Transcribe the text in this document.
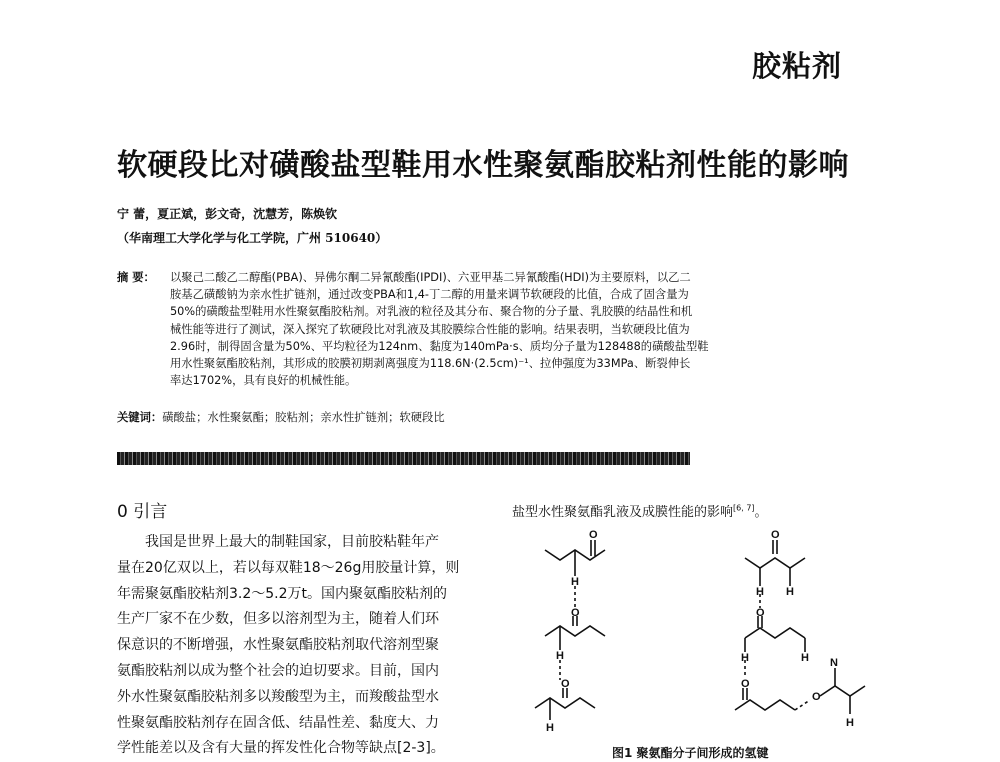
胶粘剂
软硬段比对磺酸盐型鞋用水性聚氨酯胶粘剂性能的影响
宁 蕾，夏正斌，彭文奇，沈慧芳，陈焕钦
（华南理工大学化学与化工学院，广州 510640）
摘 要： 以聚己二酸乙二醇酯(PBA)、异佛尔酮二异氰酸酯(IPDI)、六亚甲基二异氰酸酯(HDI)为主要原料，以乙二
胺基乙磺酸钠为亲水性扩链剂，通过改变PBA和1,4-丁二醇的用量来调节软硬段的比值，合成了固含量为
50%的磺酸盐型鞋用水性聚氨酯胶粘剂。对乳液的粒径及其分布、聚合物的分子量、乳胶膜的结晶性和机
械性能等进行了测试，深入探究了软硬段比对乳液及其胶膜综合性能的影响。结果表明，当软硬段比值为
2.96时，制得固含量为50%、平均粒径为124nm、黏度为140mPa·s、质均分子量为128488的磺酸盐型鞋
用水性聚氨酯胶粘剂，其形成的胶膜初期剥离强度为118.6N·(2.5cm)⁻¹、拉伸强度为33MPa、断裂伸长
率达1702%，具有良好的机械性能。
关键词：磺酸盐；水性聚氨酯；胶粘剂；亲水性扩链剂；软硬段比
0 引言
我国是世界上最大的制鞋国家，目前胶粘鞋年产
量在20亿双以上，若以每双鞋18～26g用胶量计算，则
年需聚氨酯胶粘剂3.2～5.2万t。国内聚氨酯胶粘剂的
生产厂家不在少数，但多以溶剂型为主，随着人们环
保意识的不断增强，水性聚氨酯胶粘剂取代溶剂型聚
氨酯胶粘剂以成为整个社会的迫切要求。目前，国内
外水性聚氨酯胶粘剂多以羧酸型为主，而羧酸盐型水
性聚氨酯胶粘剂存在固含低、结晶性差、黏度大、力
学性能差以及含有大量的挥发性化合物等缺点[2-3]。
盐型水性聚氨酯乳液及成膜性能的影响[6, 7]。
O
H
O
H
O
H
O
H H
O
H	H
O
O
N
H
图1 聚氨酯分子间形成的氢键
